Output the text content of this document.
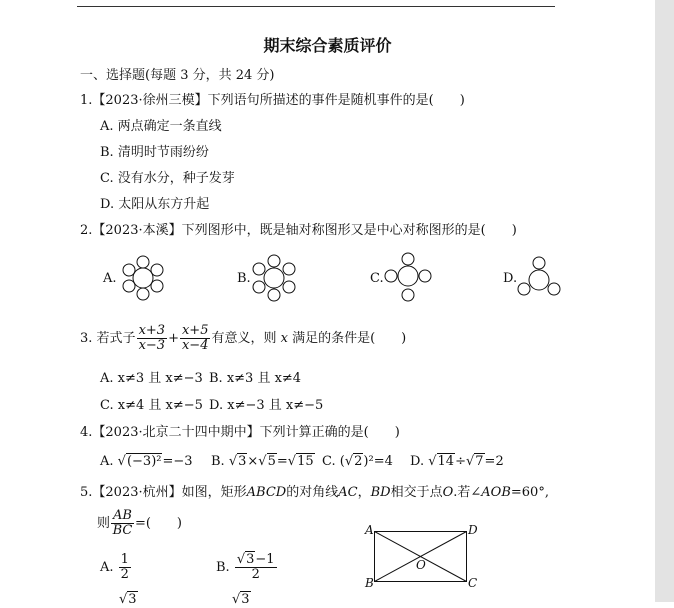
期末综合素质评价
一、选择题(每题 3 分，共 24 分)
1.【2023·徐州三模】下列语句所描述的事件是随机事件的是(　　)
A. 两点确定一条直线
B. 清明时节雨纷纷
C. 没有水分，种子发芽
D. 太阳从东方升起
2.【2023·本溪】下列图形中，既是轴对称图形又是中心对称图形的是(　　)
A.	B.	C.	D.
3. 若式子 $\frac{x+3}{x-3} + \frac{x+5}{x-4}$ 有意义，则 x 满足的条件是(　　)
A. x≠3 且 x≠−3 B. x≠3 且 x≠4
C. x≠4 且 x≠−5 D. x≠−3 且 x≠−5
4.【2023·北京二十四中期中】下列计算正确的是(　　)
A. √(−3)²=−3 B. √3×√5=√15 C. (√2)²=4 D. √14÷√7=2
5.【2023·杭州】如图，矩形ABCD的对角线AC，BD相交于点O.若∠AOB=60°,
则 $\frac{AB}{BC}$ =(　　)
A. $\frac{1}{2}$	B. $\frac{√3-1}{2}$
√3	√3
A	D
B	C
O
